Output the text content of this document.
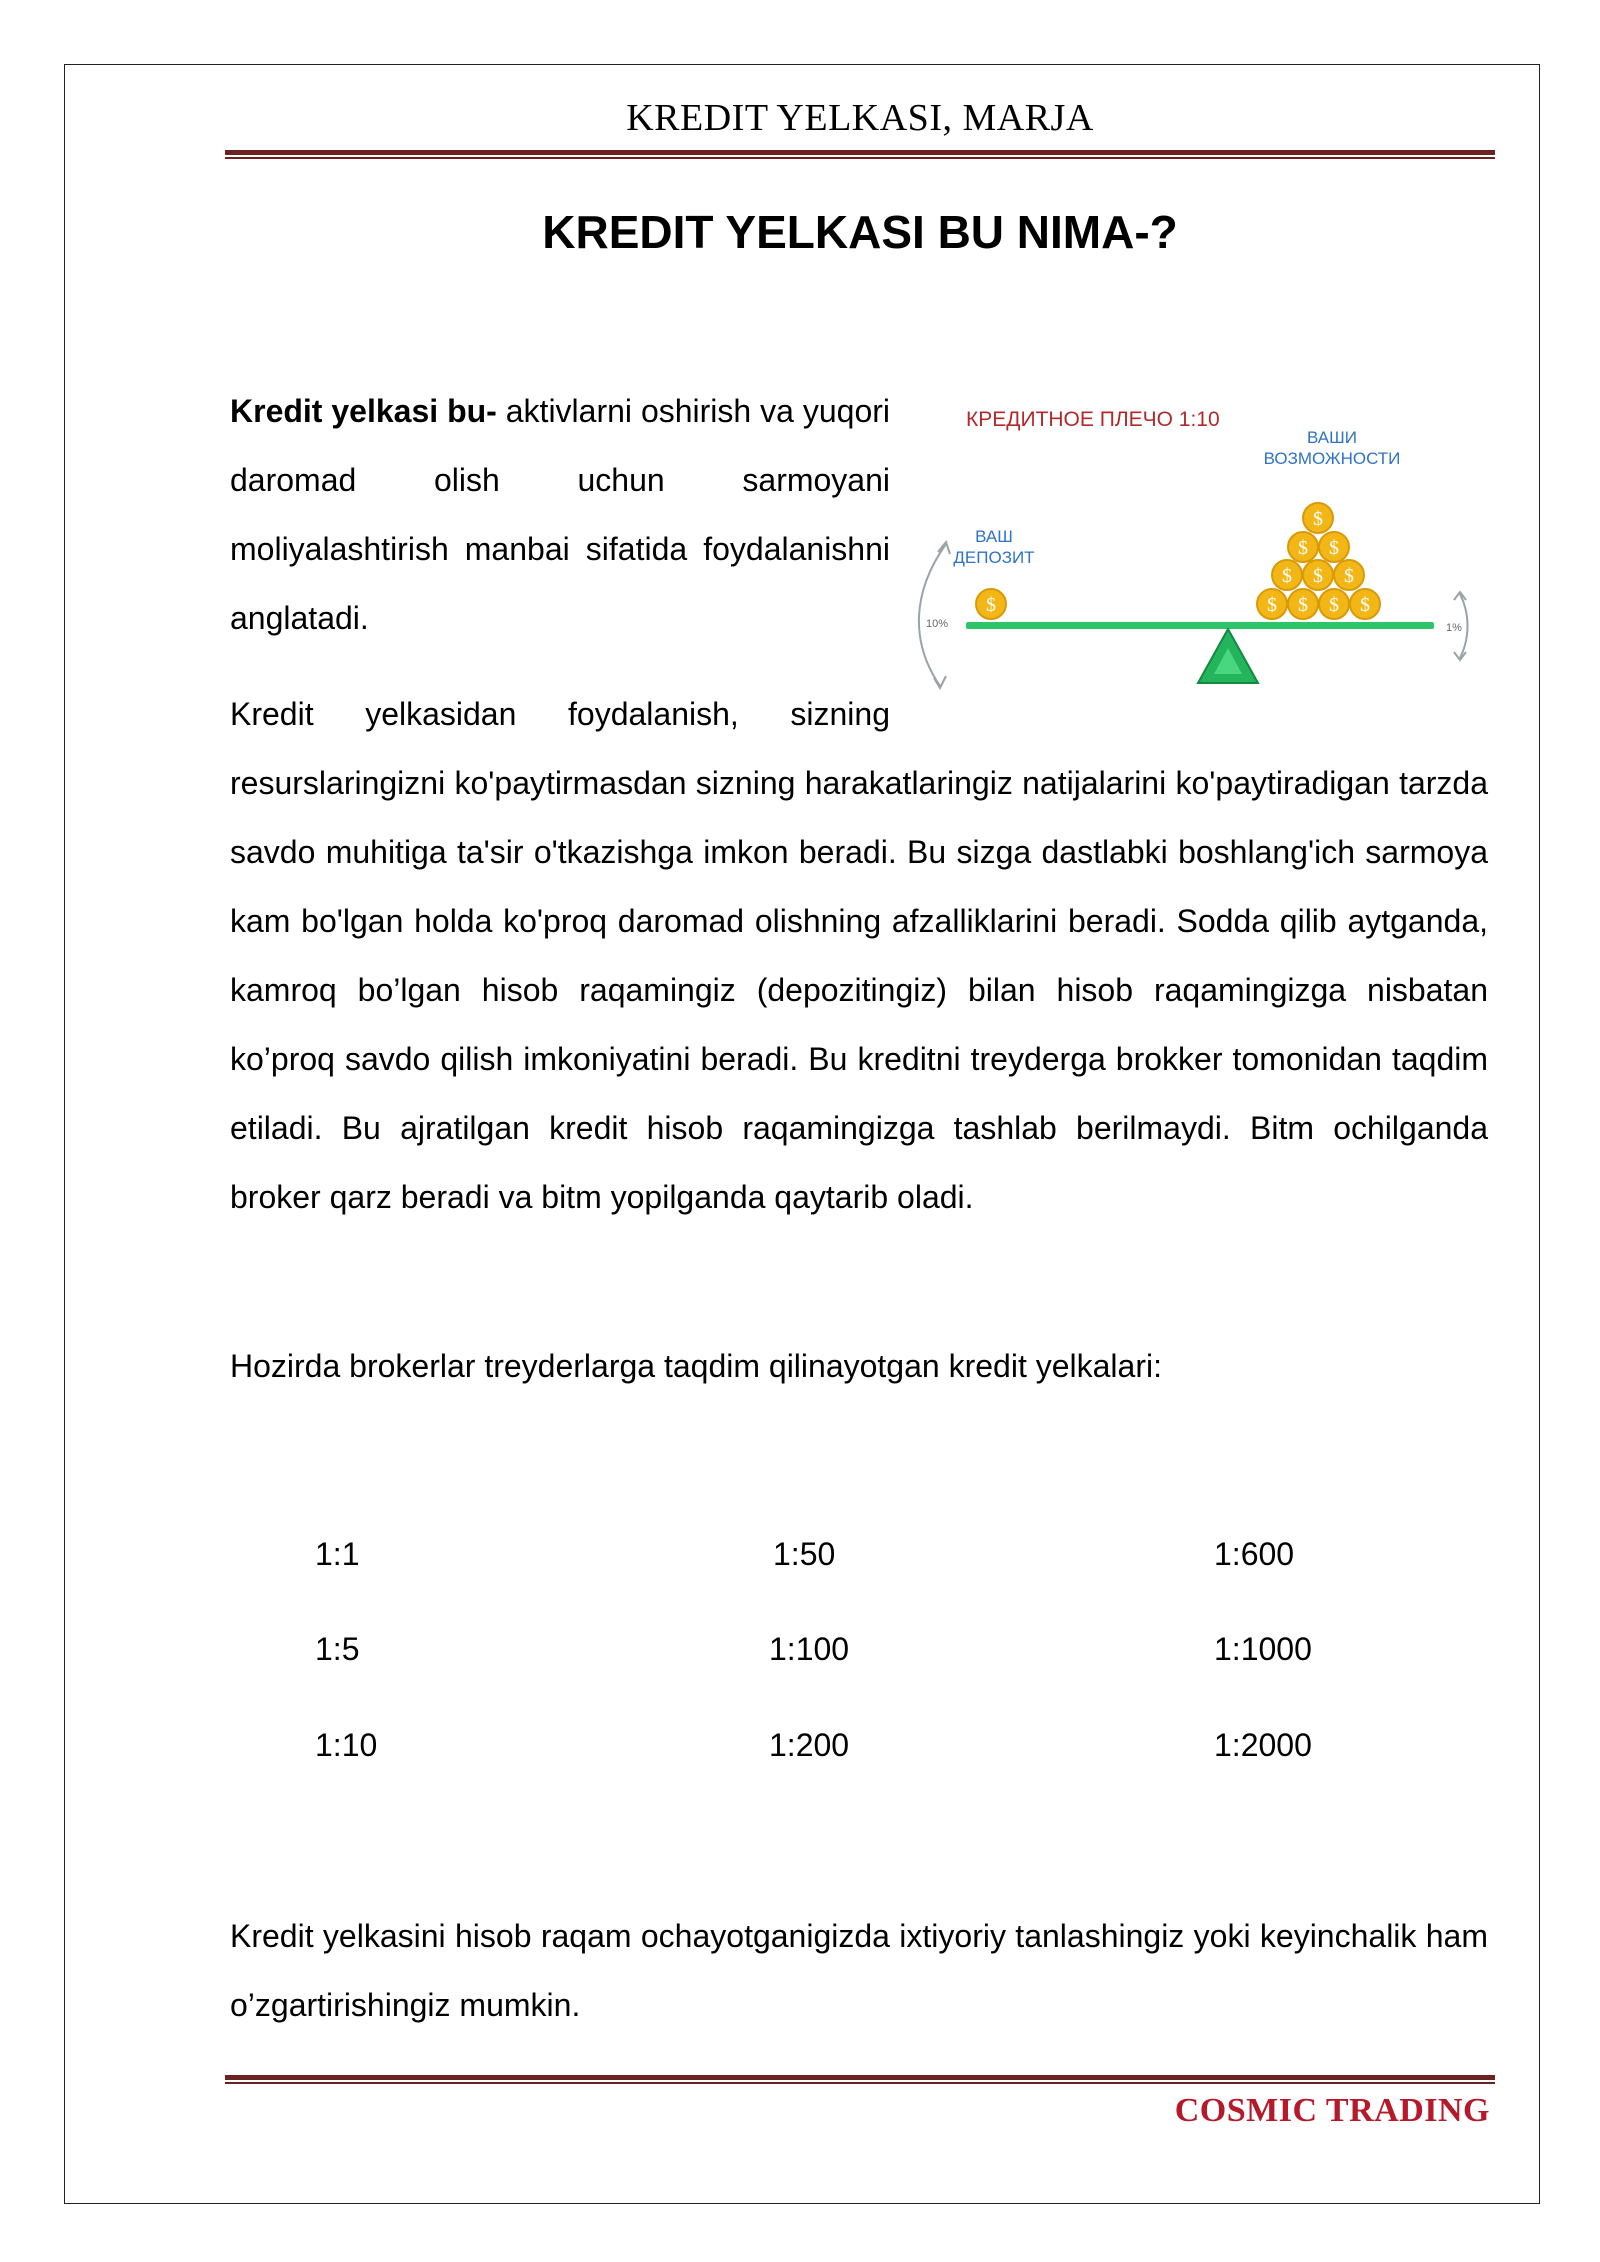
KREDIT YELKASI, MARJA
KREDIT YELKASI BU NIMA-?
Kredit yelkasi bu- aktivlarni oshirish va yuqori daromad olish uchun sarmoyani moliyalashtirish manbai sifatida foydalanishni anglatadi.
КРЕДИТНОЕ ПЛЕЧО 1:10
ВАШИ
ВОЗМОЖНОСТИ
ВАШ
ДЕПОЗИТ
10%	1%
$	$ $ $ $
$ $ $
$ $
$
Kredit yelkasidan foydalanish, sizning
resurslaringizni ko'paytirmasdan sizning harakatlaringiz natijalarini ko'paytiradigan tarzda savdo muhitiga ta'sir o'tkazishga imkon beradi. Bu sizga dastlabki boshlang'ich sarmoya kam bo'lgan holda ko'proq daromad olishning afzalliklarini beradi. Sodda qilib aytganda, kamroq bo’lgan hisob raqamingiz (depozitingiz) bilan hisob raqamingizga nisbatan ko’proq savdo qilish imkoniyatini beradi. Bu kreditni treyderga brokker tomonidan taqdim etiladi. Bu ajratilgan kredit hisob raqamingizga tashlab berilmaydi. Bitm ochilganda broker qarz beradi va bitm yopilganda qaytarib oladi.
Hozirda brokerlar treyderlarga taqdim qilinayotgan kredit yelkalari:
1:1	1:50	1:600
1:5	1:100	1:1000
1:10	1:200	1:2000
Kredit yelkasini hisob raqam ochayotganigizda ixtiyoriy tanlashingiz yoki keyinchalik ham o’zgartirishingiz mumkin.
COSMIC TRADING
